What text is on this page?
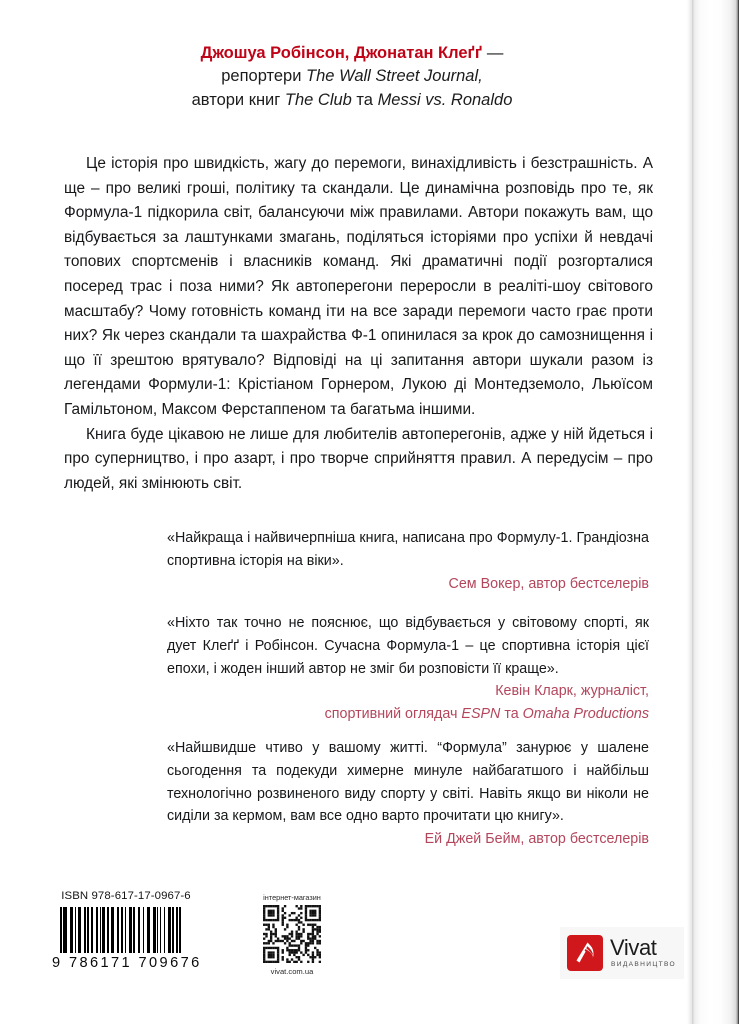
Джошуа Робінсон, Джонатан Клеґґ —
репортери The Wall Street Journal,
автори книг The Club та Messi vs. Ronaldo

Це історія про швидкість, жагу до перемоги, винахідливість і безстрашність. А ще – про великі гроші, політику та скандали. Це динамічна розповідь про те, як Формула-1 підкорила світ, балансуючи між правилами. Автори покажуть вам, що відбувається за лаштунками змагань, поділяться історіями про успіхи й невдачі топових спортсменів і власників команд. Які драматичні події розгорталися посеред трас і поза ними? Як автоперегони переросли в реаліті-шоу світового масштабу? Чому готовність команд іти на все заради перемоги часто грає проти них? Як через скандали та шахрайства Ф-1 опинилася за крок до самознищення і що її зрештою врятувало? Відповіді на ці запитання автори шукали разом із легендами Формули-1: Крістіаном Горнером, Лукою ді Монтедземоло, Льюїсом Гамільтоном, Максом Ферстаппеном та багатьма іншими.

Книга буде цікавою не лише для любителів автоперегонів, адже у ній йдеться і про суперництво, і про азарт, і про творче сприйняття правил. А передусім – про людей, які змінюють світ.

«Найкраща і найвичерпніша книга, написана про Формулу-1. Грандіозна спортивна історія на віки».
Сем Вокер, автор бестселерів
«Ніхто так точно не пояснює, що відбувається у світовому спорті, як дует Клеґґ і Робінсон. Сучасна Формула-1 – це спортивна історія цієї епохи, і жоден інший автор не зміг би розповісти її краще».
Кевін Кларк, журналіст,
спортивний оглядач ESPN та Omaha Productions
«Найшвидше чтиво у вашому житті. “Формула” занурює у шалене сьогодення та подекуди химерне минуле найбагатшого і найбільш технологічно розвиненого виду спорту у світі. Навіть якщо ви ніколи не сиділи за кермом, вам все одно варто прочитати цю книгу».
Ей Джей Бейм, автор бестселерів
ISBN 978-617-17-0967-6
9 786171 709676
інтернет-магазин
vivat.com.ua
Vivat
ВИДАВНИЦТВО
